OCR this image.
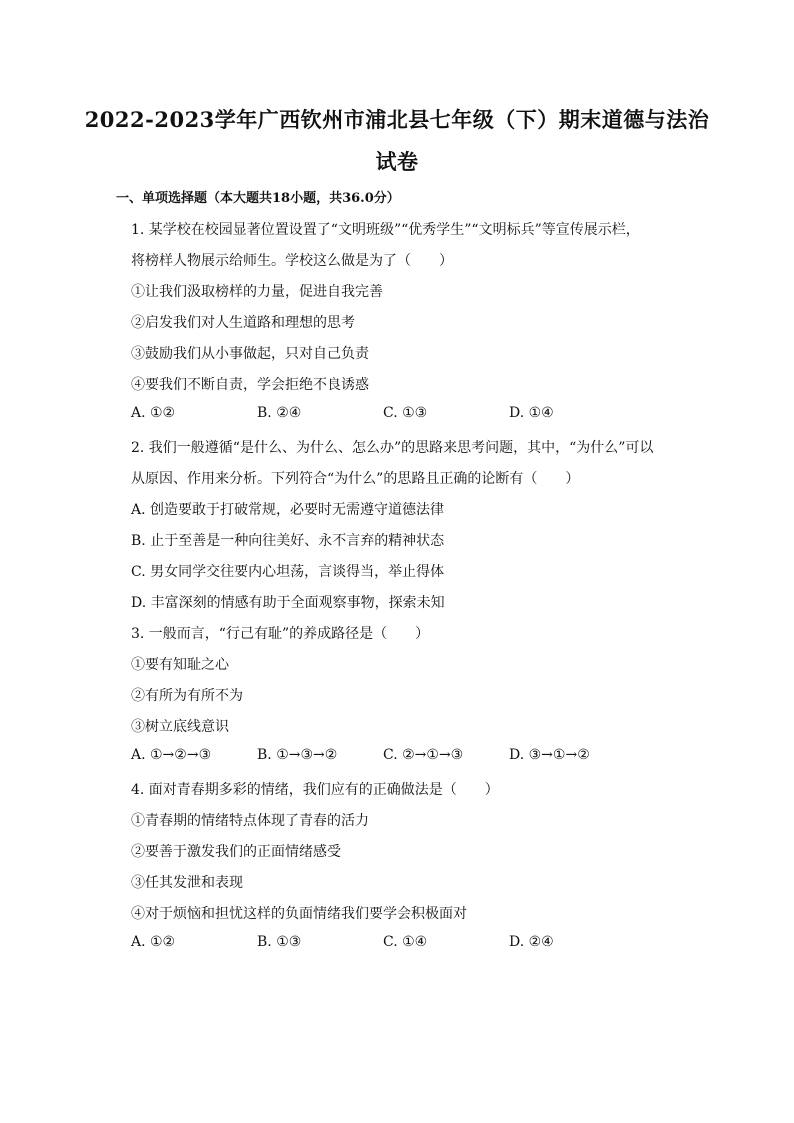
2022-2023学年广西钦州市浦北县七年级（下）期末道德与法治
试卷
一、单项选择题（本大题共18小题，共36.0分）
1. 某学校在校园显著位置设置了“文明班级”“优秀学生”“文明标兵”等宣传展示栏，
将榜样人物展示给师生。学校这么做是为了（　　）
①让我们汲取榜样的力量，促进自我完善
②启发我们对人生道路和理想的思考
③鼓励我们从小事做起，只对自己负责
④要我们不断自责，学会拒绝不良诱惑
A. ①②	B. ②④	C. ①③	D. ①④
2. 我们一般遵循“是什么、为什么、怎么办”的思路来思考问题，其中，“为什么”可以
从原因、作用来分析。下列符合“为什么”的思路且正确的论断有（　　）
A. 创造要敢于打破常规，必要时无需遵守道德法律
B. 止于至善是一种向往美好、永不言弃的精神状态
C. 男女同学交往要内心坦荡，言谈得当，举止得体
D. 丰富深刻的情感有助于全面观察事物，探索未知
3. 一般而言，“行己有耻”的养成路径是（　　）
①要有知耻之心
②有所为有所不为
③树立底线意识
A. ①→②→③	B. ①→③→②	C. ②→①→③	D. ③→①→②
4. 面对青春期多彩的情绪，我们应有的正确做法是（　　）
①青春期的情绪特点体现了青春的活力
②要善于激发我们的正面情绪感受
③任其发泄和表现
④对于烦恼和担忧这样的负面情绪我们要学会积极面对
A. ①②	B. ①③	C. ①④	D. ②④
